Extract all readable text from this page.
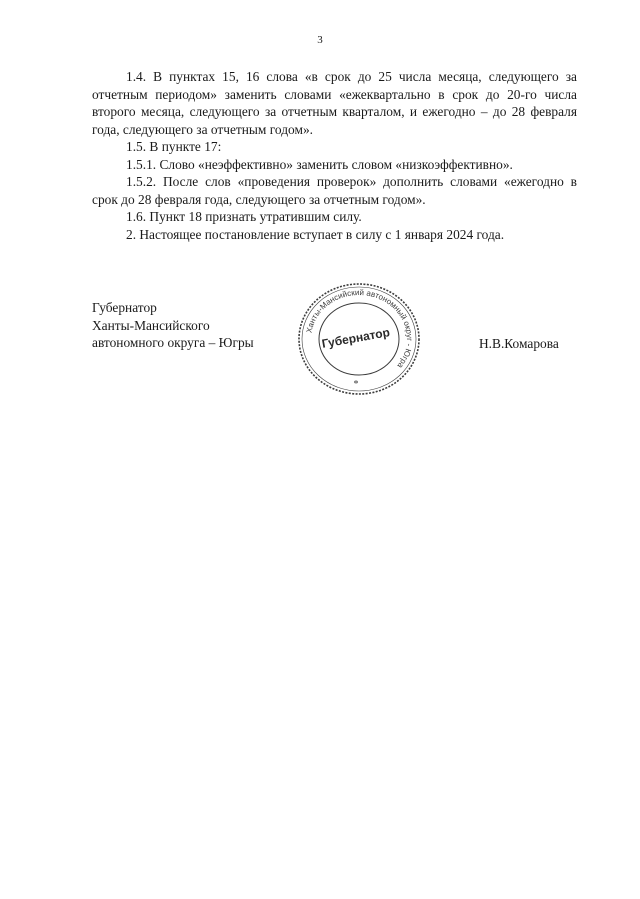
3

1.4. В пунктах 15, 16 слова «в срок до 25 числа месяца, следующего за отчетным периодом» заменить словами «ежеквартально в срок до 20-го числа второго месяца, следующего за отчетным кварталом, и ежегодно – до 28 февраля года, следующего за отчетным годом».

1.5. В пункте 17:

1.5.1. Слово «неэффективно» заменить словом «низкоэффективно».

1.5.2. После слов «проведения проверок» дополнить словами «ежегодно в срок до 28 февраля года, следующего за отчетным годом».

1.6. Пункт 18 признать утратившим силу.

2. Настоящее постановление вступает в силу с 1 января 2024 года.

Губернатор
Ханты-Мансийского
автономного округа – Югры
Ханты-Мансийский автономный округ - Югра
Губернатор
*
Н.В.Комарова
